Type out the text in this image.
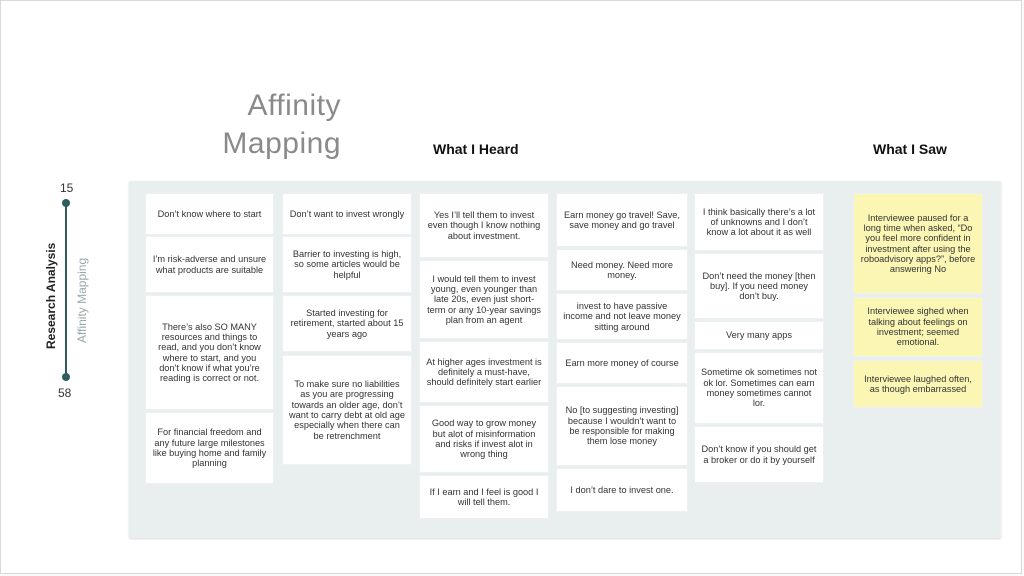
Affinity
Mapping	What I Heard	What I Saw
15
58
Research Analysis Affinity Mapping
Don’t know where to start
I’m risk-adverse and unsure what products are suitable
There’s also SO MANY resources and things to read, and you don’t know where to start, and you don’t know if what you’re reading is correct or not.
For financial freedom and any future large milestones like buying home and family planning
Don’t want to invest wrongly
Barrier to investing is high, so some articles would be helpful
Started investing for retirement, started about 15 years ago
To make sure no liabilities as you are progressing towards an older age, don’t want to carry debt at old age especially when there can be retrenchment
Yes I’ll tell them to invest even though I know nothing about investment.
I would tell them to invest young, even younger than late 20s, even just short-term or any 10-year savings plan from an agent
At higher ages investment is definitely a must-have, should definitely start earlier
Good way to grow money but alot of misinformation and risks if invest alot in wrong thing
If I earn and I feel is good I will tell them.
Earn money go travel! Save, save money and go travel
Need money. Need more money.
invest to have passive income and not leave money sitting around
Earn more money of course
No [to suggesting investing] because I wouldn’t want to be responsible for making them lose money
I don’t dare to invest one.
I think basically there’s a lot of unknowns and I don’t know a lot about it as well
Don’t need the money [then buy]. If you need money don’t buy.
Very many apps
Sometime ok sometimes not ok lor. Sometimes can earn money sometimes cannot lor.
Don’t know if you should get a broker or do it by yourself
Interviewee paused for a long time when asked, “Do you feel more confident in investment after using the roboadvisory apps?”, before answering No
Interviewee sighed when talking about feelings on investment; seemed emotional.
Interviewee laughed often, as though embarrassed
